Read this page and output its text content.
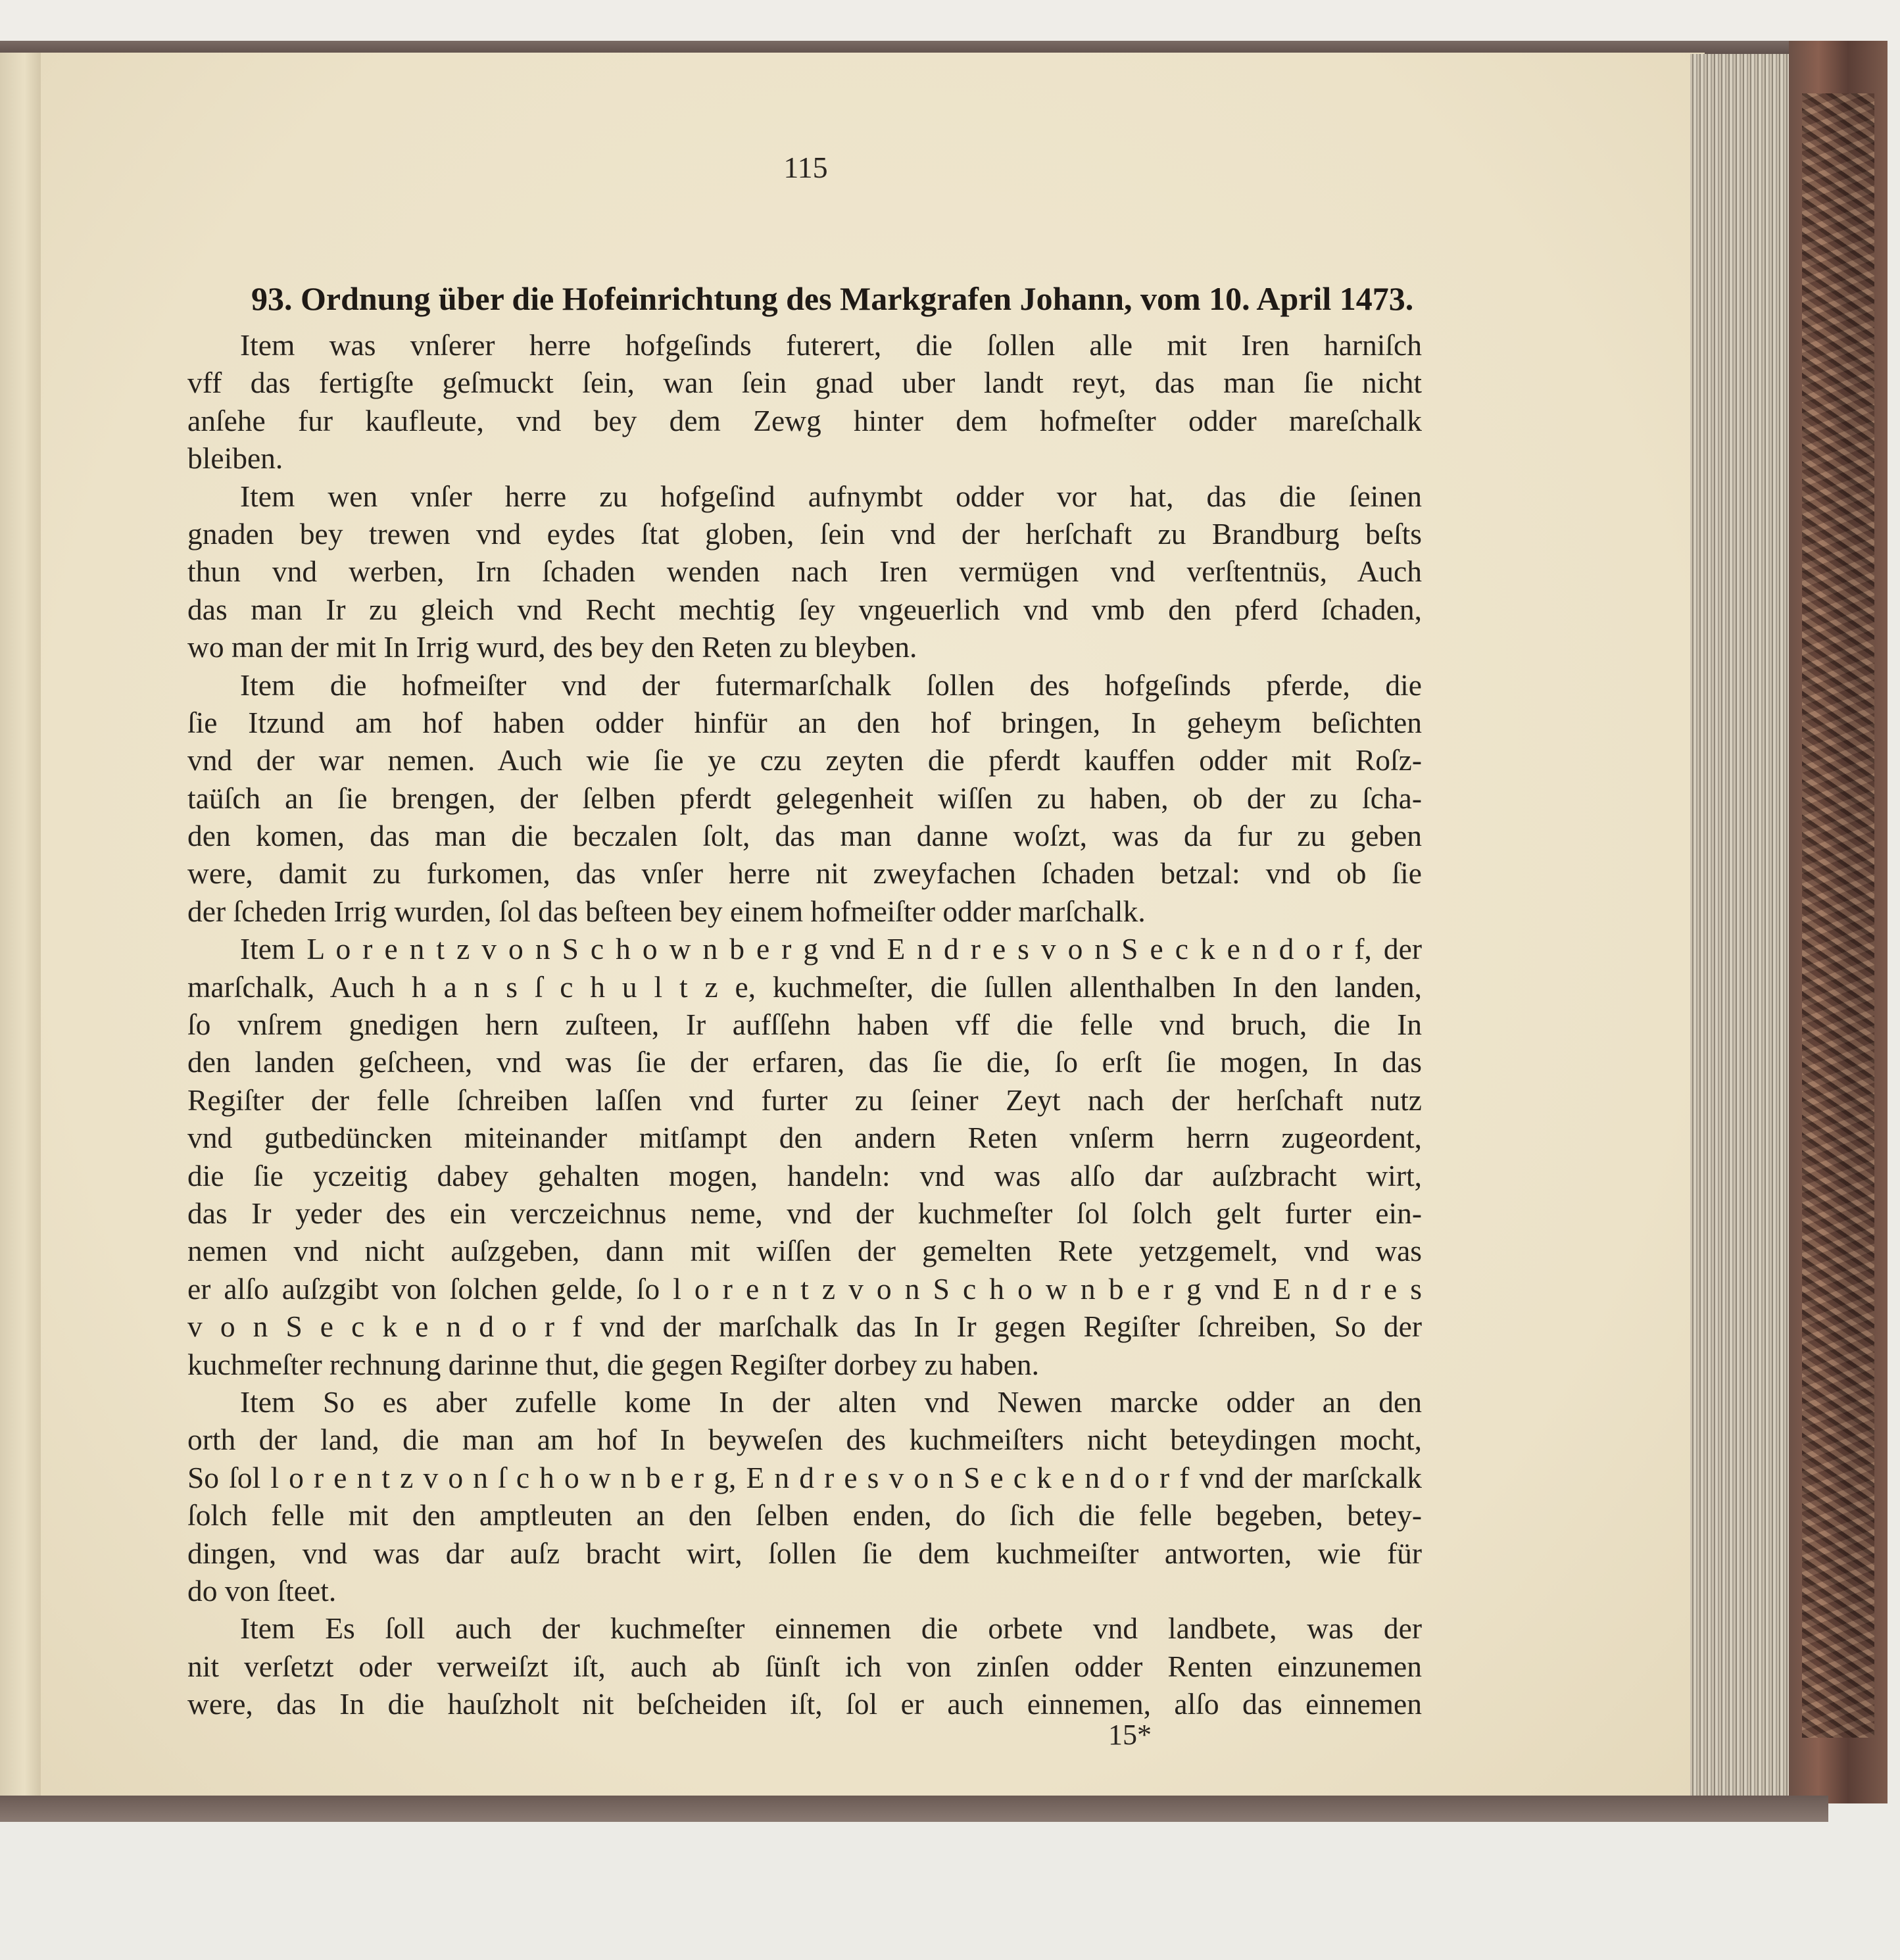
115
93. Ordnung über die Hofeinrichtung des Markgrafen Johann, vom 10. April 1473.
Item was vnſerer herre hofgeſinds futerert, die ſollen alle mit Iren harniſch
vff das fertigſte geſmuckt ſein, wan ſein gnad uber landt reyt, das man ſie nicht
anſehe fur kaufleute, vnd bey dem Zewg hinter dem hofmeſter odder mareſchalk
bleiben.
Item wen vnſer herre zu hofgeſind aufnymbt odder vor hat, das die ſeinen
gnaden bey trewen vnd eydes ſtat globen, ſein vnd der herſchaft zu Brandburg beſts
thun vnd werben, Irn ſchaden wenden nach Iren vermügen vnd verſtentnüs, Auch
das man Ir zu gleich vnd Recht mechtig ſey vngeuerlich vnd vmb den pferd ſchaden,
wo man der mit In Irrig wurd, des bey den Reten zu bleyben.
Item die hofmeiſter vnd der futermarſchalk ſollen des hofgeſinds pferde, die
ſie Itzund am hof haben odder hinfür an den hof bringen, In geheym beſichten
vnd der war nemen. Auch wie ſie ye czu zeyten die pferdt kauffen odder mit Roſz-
taüſch an ſie brengen, der ſelben pferdt gelegenheit wiſſen zu haben, ob der zu ſcha-
den komen, das man die beczalen ſolt, das man danne woſzt, was da fur zu geben
were, damit zu furkomen, das vnſer herre nit zweyfachen ſchaden betzal: vnd ob ſie
der ſcheden Irrig wurden, ſol das beſteen bey einem hofmeiſter odder marſchalk.
Item L o r e n t z v o n S c h o w n b e r g vnd E n d r e s v o n S e c k e n d o r f, der
marſchalk, Auch h a n s ſ c h u l t z e, kuchmeſter, die ſullen allenthalben In den landen,
ſo vnſrem gnedigen hern zuſteen, Ir aufſſehn haben vff die felle vnd bruch, die In
den landen geſcheen, vnd was ſie der erfaren, das ſie die, ſo erſt ſie mogen, In das
Regiſter der felle ſchreiben laſſen vnd furter zu ſeiner Zeyt nach der herſchaft nutz
vnd gutbedüncken miteinander mitſampt den andern Reten vnſerm herrn zugeordent,
die ſie yczeitig dabey gehalten mogen, handeln: vnd was alſo dar auſzbracht wirt,
das Ir yeder des ein verczeichnus neme, vnd der kuchmeſter ſol ſolch gelt furter ein-
nemen vnd nicht auſzgeben, dann mit wiſſen der gemelten Rete yetzgemelt, vnd was
er alſo auſzgibt von ſolchen gelde, ſo l o r e n t z v o n S c h o w n b e r g vnd E n d r e s
v o n S e c k e n d o r f vnd der marſchalk das In Ir gegen Regiſter ſchreiben, So der
kuchmeſter rechnung darinne thut, die gegen Regiſter dorbey zu haben.
Item So es aber zufelle kome In der alten vnd Newen marcke odder an den
orth der land, die man am hof In beyweſen des kuchmeiſters nicht beteydingen mocht,
So ſol l o r e n t z v o n ſ c h o w n b e r g, E n d r e s v o n S e c k e n d o r f vnd der marſckalk
ſolch felle mit den amptleuten an den ſelben enden, do ſich die felle begeben, betey-
dingen, vnd was dar auſz bracht wirt, ſollen ſie dem kuchmeiſter antworten, wie für
do von ſteet.
Item Es ſoll auch der kuchmeſter einnemen die orbete vnd landbete, was der
nit verſetzt oder verweiſzt iſt, auch ab ſünſt ich von zinſen odder Renten einzunemen
were, das In die hauſzholt nit beſcheiden iſt, ſol er auch einnemen, alſo das einnemen
15*
